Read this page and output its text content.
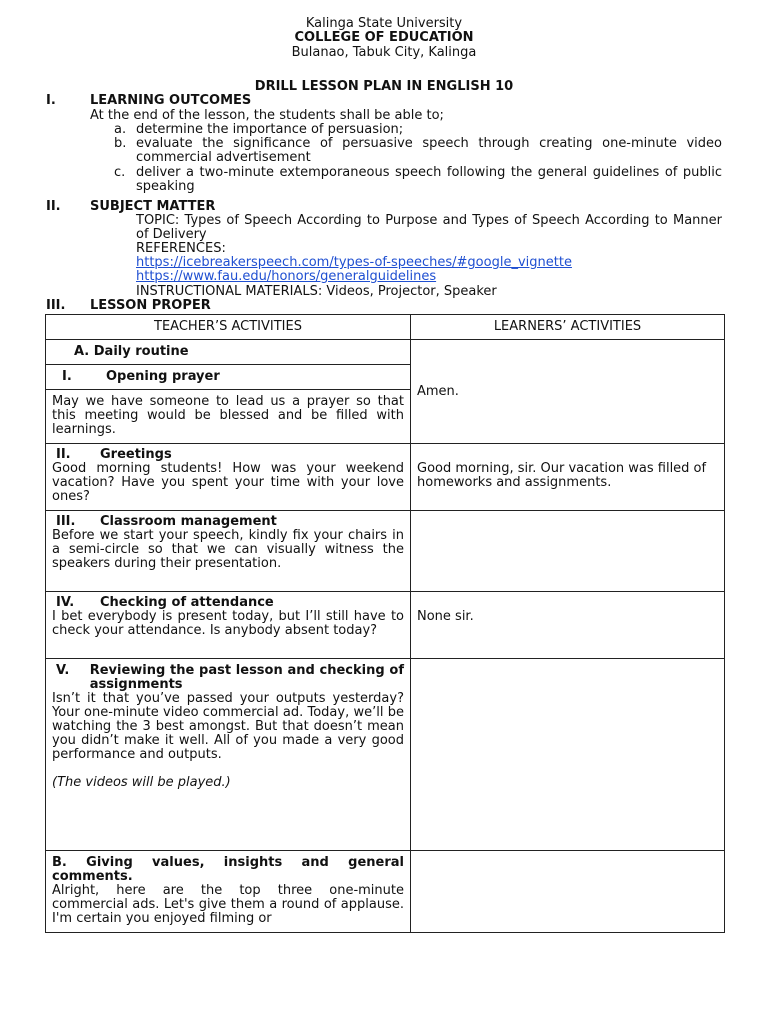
Kalinga State University
COLLEGE OF EDUCATION
Bulanao, Tabuk City, Kalinga
DRILL LESSON PLAN IN ENGLISH 10
I.	LEARNING OUTCOMES
At the end of the lesson, the students shall be able to;
a. determine the importance of persuasion;
b. evaluate the significance of persuasive speech through creating one-minute video commercial advertisement
c. deliver a two-minute extemporaneous speech following the general guidelines of public speaking
II. SUBJECT MATTER
TOPIC: Types of Speech According to Purpose and Types of Speech According to Manner of Delivery
REFERENCES:
https://icebreakerspeech.com/types-of-speeches/#google_vignette
https://www.fau.edu/honors/generalguidelines
INSTRUCTIONAL MATERIALS: Videos, Projector, Speaker
III. LESSON PROPER
TEACHER’S ACTIVITIES	LEARNERS’ ACTIVITIES
A. Daily routine	Amen.

I. Opening prayer	

May we have someone to lead us a prayer so that this meeting would be blessed and be filled with learnings.	

II. Greetings
Good morning students! How was your weekend vacation? Have you spent your time with your love ones?	Good morning, sir. Our vacation was filled of homeworks and assignments.

III. Classroom management
Before we start your speech, kindly fix your chairs in a semi-circle so that we can visually witness the speakers during their presentation.	

IV. Checking of attendance
I bet everybody is present today, but I’ll still have to check your attendance. Is anybody absent today?	None sir.

V. Reviewing the past lesson and checking of assignments
Isn’t it that you’ve passed your outputs yesterday? Your one-minute video commercial ad. Today, we’ll be watching the 3 best amongst. But that doesn’t mean you didn’t make it well. All of you made a very good performance and outputs.
(The videos will be played.)	

B. Giving values, insights and general comments.
Alright, here are the top three one-minute commercial ads. Let's give them a round of applause. I'm certain you enjoyed filming or	
